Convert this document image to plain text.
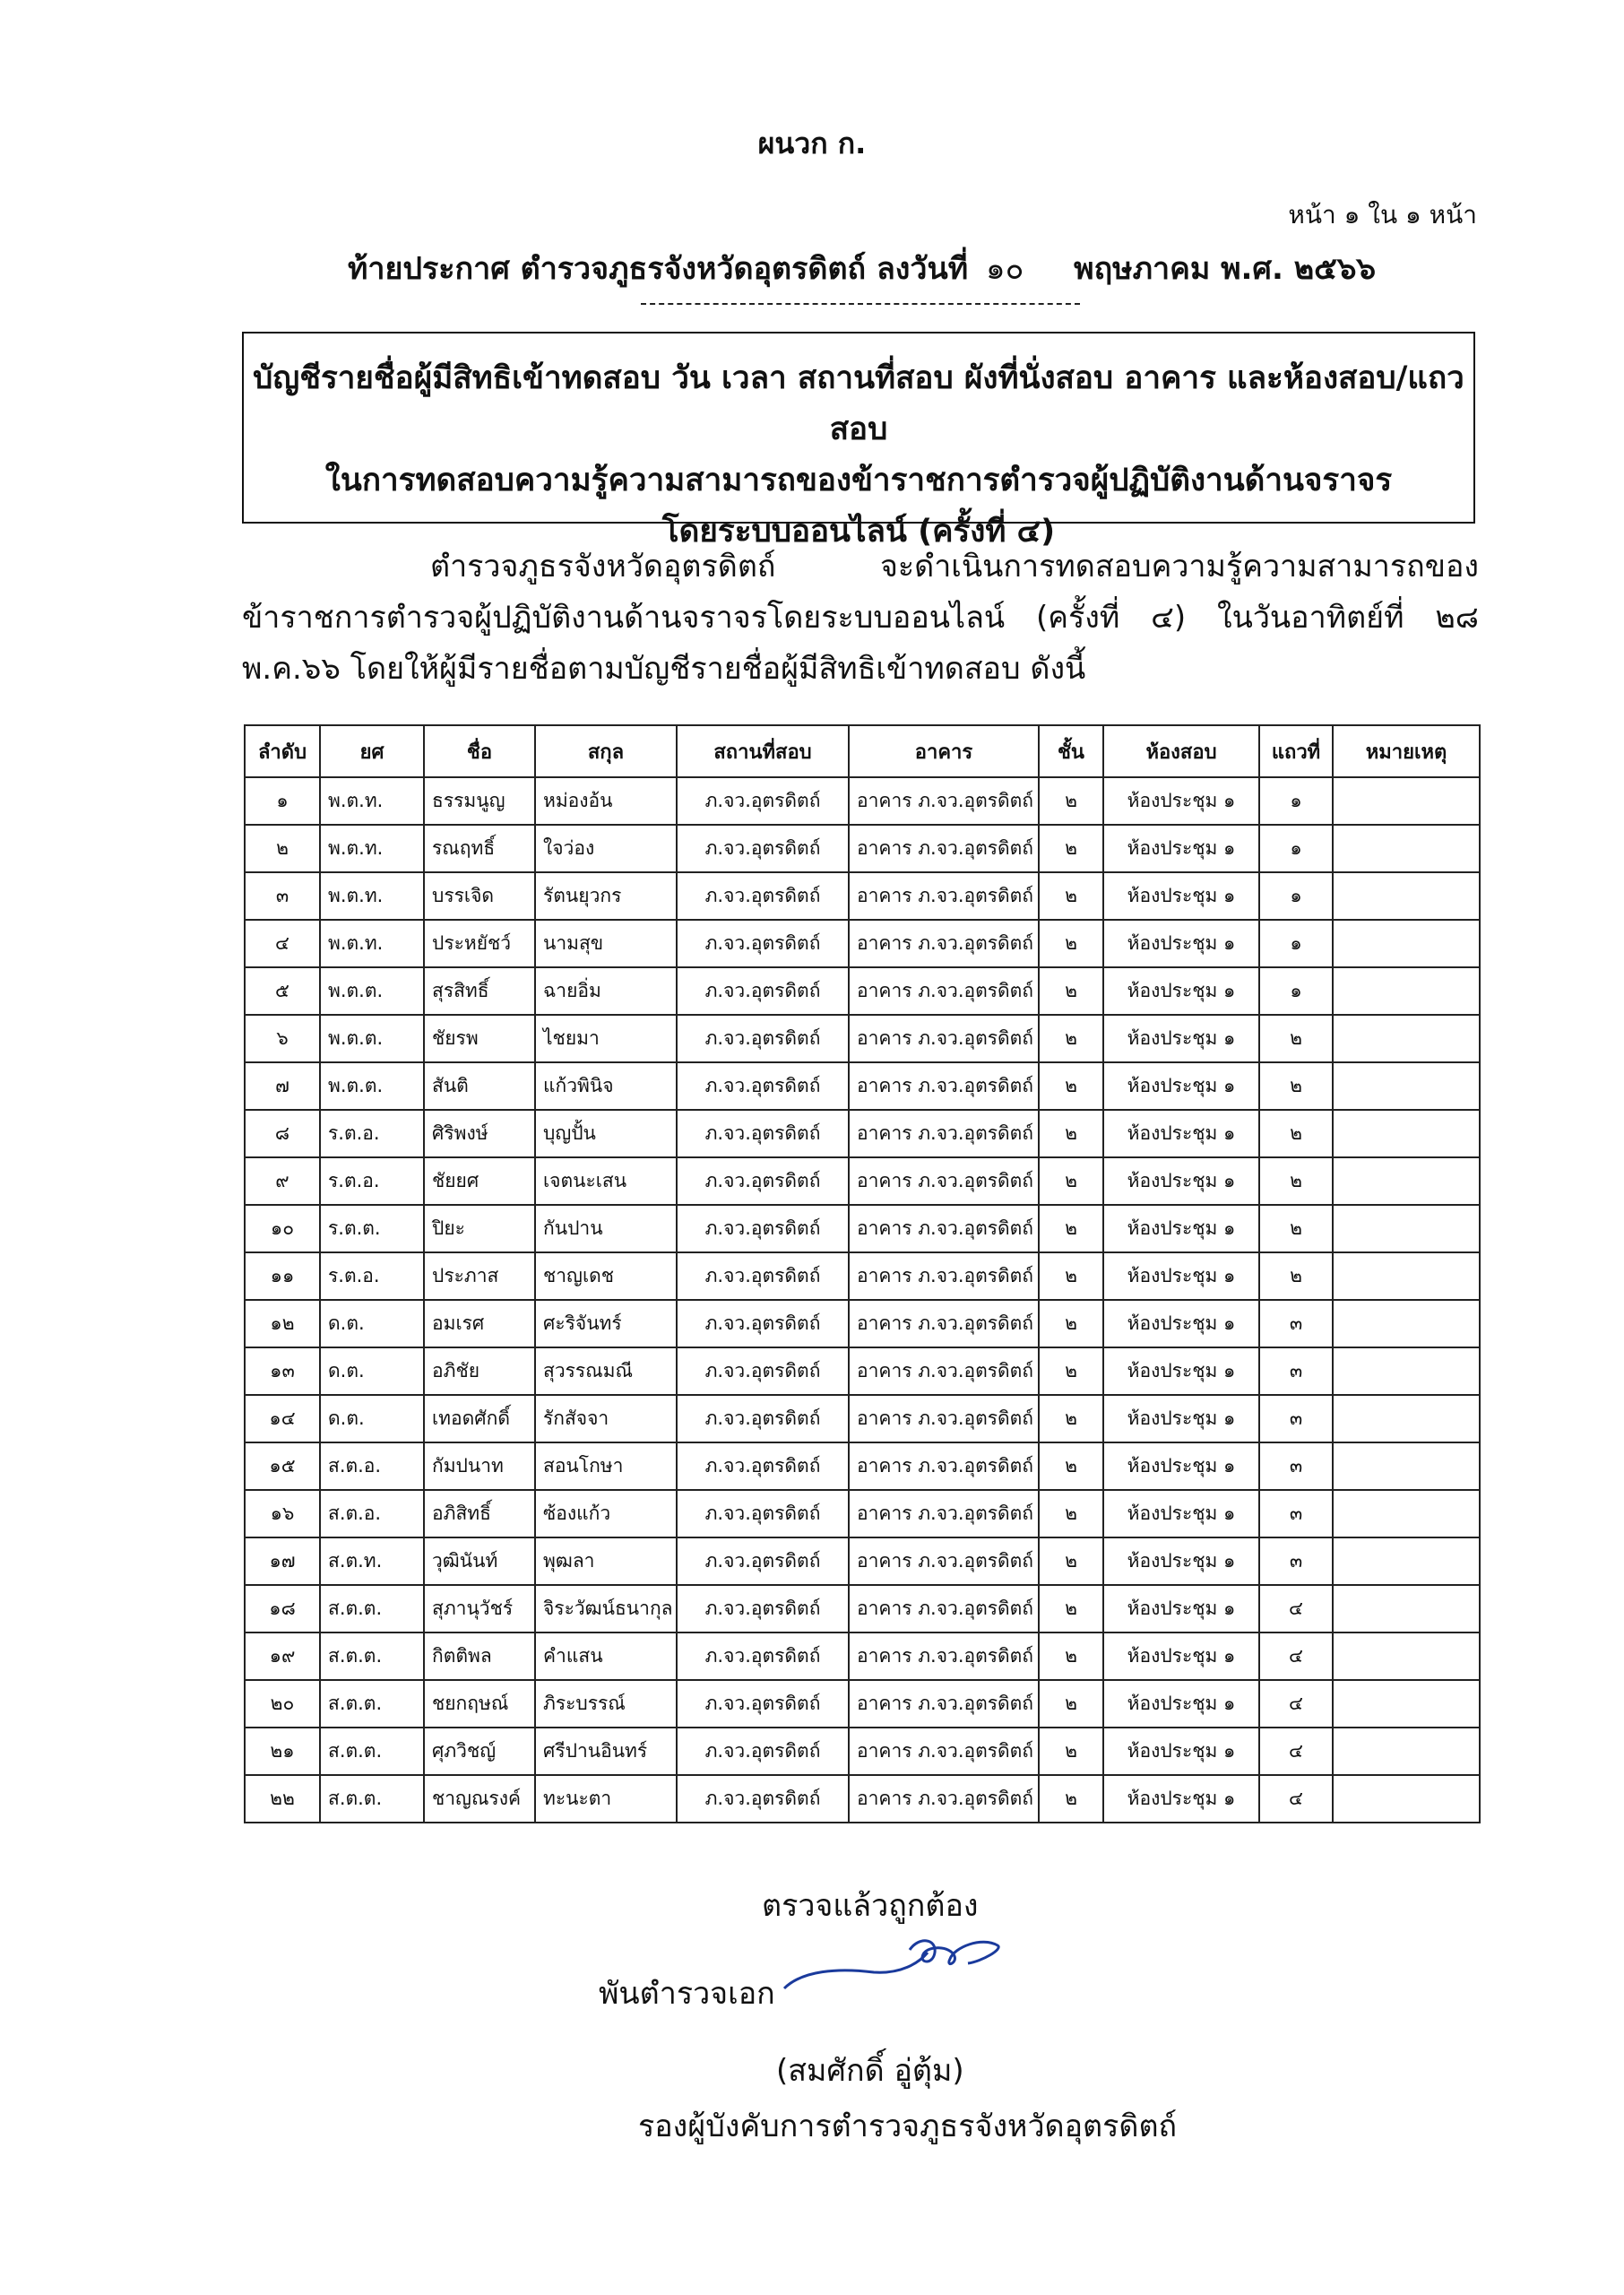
ผนวก ก.
หน้า ๑ ใน ๑ หน้า
ท้ายประกาศ ตำรวจภูธรจังหวัดอุตรดิตถ์ ลงวันที่ ๑๐ พฤษภาคม พ.ศ. ๒๕๖๖
บัญชีรายชื่อผู้มีสิทธิเข้าทดสอบ วัน เวลา สถานที่สอบ ผังที่นั่งสอบ อาคาร และห้องสอบ/แถวสอบ
ในการทดสอบความรู้ความสามารถของข้าราชการตำรวจผู้ปฏิบัติงานด้านจราจร
โดยระบบออนไลน์ (ครั้งที่ ๔)
ตำรวจภูธรจังหวัดอุตรดิตถ์ จะดำเนินการทดสอบความรู้ความสามารถของข้าราชการตำรวจผู้ปฏิบัติงานด้านจราจรโดยระบบออนไลน์ (ครั้งที่ ๔) ในวันอาทิตย์ที่ ๒๘ พ.ค.๖๖ โดยให้ผู้มีรายชื่อตามบัญชีรายชื่อผู้มีสิทธิเข้าทดสอบ ดังนี้
ลำดับ	ยศ	ชื่อ	สกุล	สถานที่สอบ	อาคาร	ชั้น	ห้องสอบ	แถวที่	หมายเหตุ
๑	พ.ต.ท.	ธรรมนูญ	หม่องอ้น	ภ.จว.อุตรดิตถ์	อาคาร ภ.จว.อุตรดิตถ์	๒	ห้องประชุม ๑	๑	
๒	พ.ต.ท.	รณฤทธิ์	ใจว่อง	ภ.จว.อุตรดิตถ์	อาคาร ภ.จว.อุตรดิตถ์	๒	ห้องประชุม ๑	๑	
๓	พ.ต.ท.	บรรเจิด	รัตนยุวกร	ภ.จว.อุตรดิตถ์	อาคาร ภ.จว.อุตรดิตถ์	๒	ห้องประชุม ๑	๑	
๔	พ.ต.ท.	ประหยัชว์	นามสุข	ภ.จว.อุตรดิตถ์	อาคาร ภ.จว.อุตรดิตถ์	๒	ห้องประชุม ๑	๑	
๕	พ.ต.ต.	สุรสิทธิ์	ฉายอิ่ม	ภ.จว.อุตรดิตถ์	อาคาร ภ.จว.อุตรดิตถ์	๒	ห้องประชุม ๑	๑	
๖	พ.ต.ต.	ชัยรพ	ไชยมา	ภ.จว.อุตรดิตถ์	อาคาร ภ.จว.อุตรดิตถ์	๒	ห้องประชุม ๑	๒	
๗	พ.ต.ต.	สันติ	แก้วพินิจ	ภ.จว.อุตรดิตถ์	อาคาร ภ.จว.อุตรดิตถ์	๒	ห้องประชุม ๑	๒	
๘	ร.ต.อ.	ศิริพงษ์	บุญปั้น	ภ.จว.อุตรดิตถ์	อาคาร ภ.จว.อุตรดิตถ์	๒	ห้องประชุม ๑	๒	
๙	ร.ต.อ.	ชัยยศ	เจตนะเสน	ภ.จว.อุตรดิตถ์	อาคาร ภ.จว.อุตรดิตถ์	๒	ห้องประชุม ๑	๒	
๑๐	ร.ต.ต.	ปิยะ	กันปาน	ภ.จว.อุตรดิตถ์	อาคาร ภ.จว.อุตรดิตถ์	๒	ห้องประชุม ๑	๒	
๑๑	ร.ต.อ.	ประภาส	ชาญเดช	ภ.จว.อุตรดิตถ์	อาคาร ภ.จว.อุตรดิตถ์	๒	ห้องประชุม ๑	๒	
๑๒	ด.ต.	อมเรศ	ศะริจันทร์	ภ.จว.อุตรดิตถ์	อาคาร ภ.จว.อุตรดิตถ์	๒	ห้องประชุม ๑	๓	
๑๓	ด.ต.	อภิชัย	สุวรรณมณี	ภ.จว.อุตรดิตถ์	อาคาร ภ.จว.อุตรดิตถ์	๒	ห้องประชุม ๑	๓	
๑๔	ด.ต.	เทอดศักดิ์	รักสัจจา	ภ.จว.อุตรดิตถ์	อาคาร ภ.จว.อุตรดิตถ์	๒	ห้องประชุม ๑	๓	
๑๕	ส.ต.อ.	กัมปนาท	สอนโกษา	ภ.จว.อุตรดิตถ์	อาคาร ภ.จว.อุตรดิตถ์	๒	ห้องประชุม ๑	๓	
๑๖	ส.ต.อ.	อภิสิทธิ์	ซ้องแก้ว	ภ.จว.อุตรดิตถ์	อาคาร ภ.จว.อุตรดิตถ์	๒	ห้องประชุม ๑	๓	
๑๗	ส.ต.ท.	วุฒินันท์	พุฒลา	ภ.จว.อุตรดิตถ์	อาคาร ภ.จว.อุตรดิตถ์	๒	ห้องประชุม ๑	๓	
๑๘	ส.ต.ต.	สุภานุวัชร์	จิระวัฒน์ธนากุล	ภ.จว.อุตรดิตถ์	อาคาร ภ.จว.อุตรดิตถ์	๒	ห้องประชุม ๑	๔	
๑๙	ส.ต.ต.	กิตติพล	คำแสน	ภ.จว.อุตรดิตถ์	อาคาร ภ.จว.อุตรดิตถ์	๒	ห้องประชุม ๑	๔	
๒๐	ส.ต.ต.	ชยกฤษณ์	ภิระบรรณ์	ภ.จว.อุตรดิตถ์	อาคาร ภ.จว.อุตรดิตถ์	๒	ห้องประชุม ๑	๔	
๒๑	ส.ต.ต.	ศุภวิชญ์	ศรีปานอินทร์	ภ.จว.อุตรดิตถ์	อาคาร ภ.จว.อุตรดิตถ์	๒	ห้องประชุม ๑	๔	
๒๒	ส.ต.ต.	ชาญณรงค์	ทะนะตา	ภ.จว.อุตรดิตถ์	อาคาร ภ.จว.อุตรดิตถ์	๒	ห้องประชุม ๑	๔	
ตรวจแล้วถูกต้อง
พันตำรวจเอก
(สมศักดิ์ อู่ตุ้ม)
รองผู้บังคับการตำรวจภูธรจังหวัดอุตรดิตถ์
